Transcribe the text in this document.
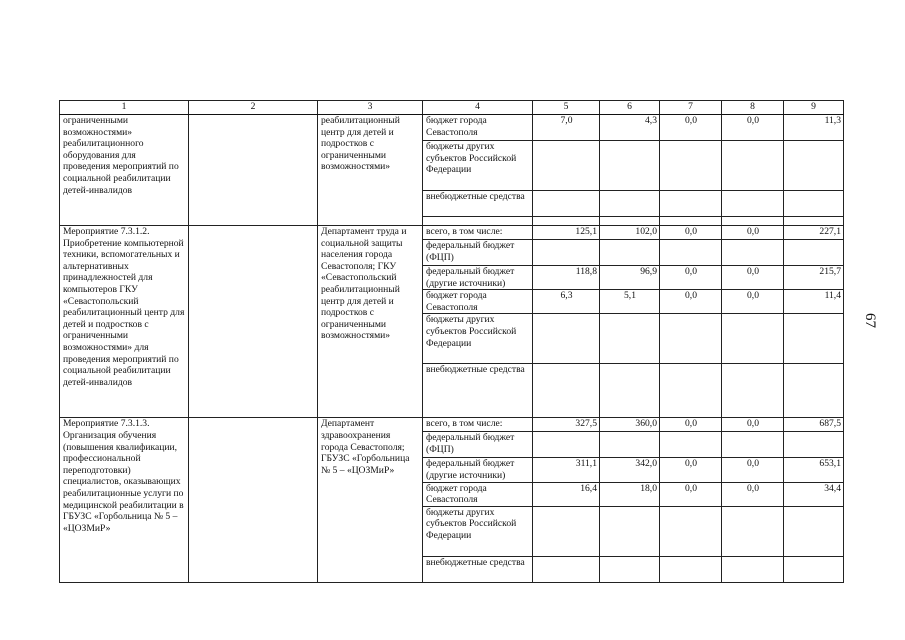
1	2	3	4	5	6	7	8	9
ограниченными возможностями» реабилитационного оборудования для проведения мероприятий по социальной реабилитации детей-инвалидов		реабилитационный центр для детей и подростков с ограниченными возможностями»	бюджет города Севастополя	7,0	4,3	0,0	0,0	11,3
			бюджеты других субъектов Российской Федерации					
			внебюджетные средства					

Мероприятие 7.3.1.2. Приобретение компьютерной техники, вспомогательных и альтернативных принадлежностей для компьютеров ГКУ «Севастопольский реабилитационный центр для детей и подростков с ограниченными возможностями» для проведения мероприятий по социальной реабилитации детей-инвалидов		Департамент труда и социальной защиты населения города Севастополя; ГКУ «Севастопольский реабилитационный центр для детей и подростков с ограниченными возможностями»	всего, в том числе:	125,1	102,0	0,0	0,0	227,1
			федеральный бюджет (ФЦП)					
			федеральный бюджет (другие источники)	118,8	96,9	0,0	0,0	215,7
			бюджет города Севастополя	6,3	5,1	0,0	0,0	11,4
			бюджеты других субъектов Российской Федерации					
			внебюджетные средства					
Мероприятие 7.3.1.3. Организация обучения (повышения квалификации, профессиональной переподготовки) специалистов, оказывающих реабилитационные услуги по медицинской реабилитации в ГБУЗС «Горбольница № 5 – «ЦОЗМиР»		Департамент здравоохранения города Севастополя; ГБУЗС «Горбольница № 5 – «ЦОЗМиР»	всего, в том числе:	327,5	360,0	0,0	0,0	687,5
			федеральный бюджет (ФЦП)					
			федеральный бюджет (другие источники)	311,1	342,0	0,0	0,0	653,1
			бюджет города Севастополя	16,4	18,0	0,0	0,0	34,4
			бюджеты других субъектов Российской Федерации					
			внебюджетные средства					
67
